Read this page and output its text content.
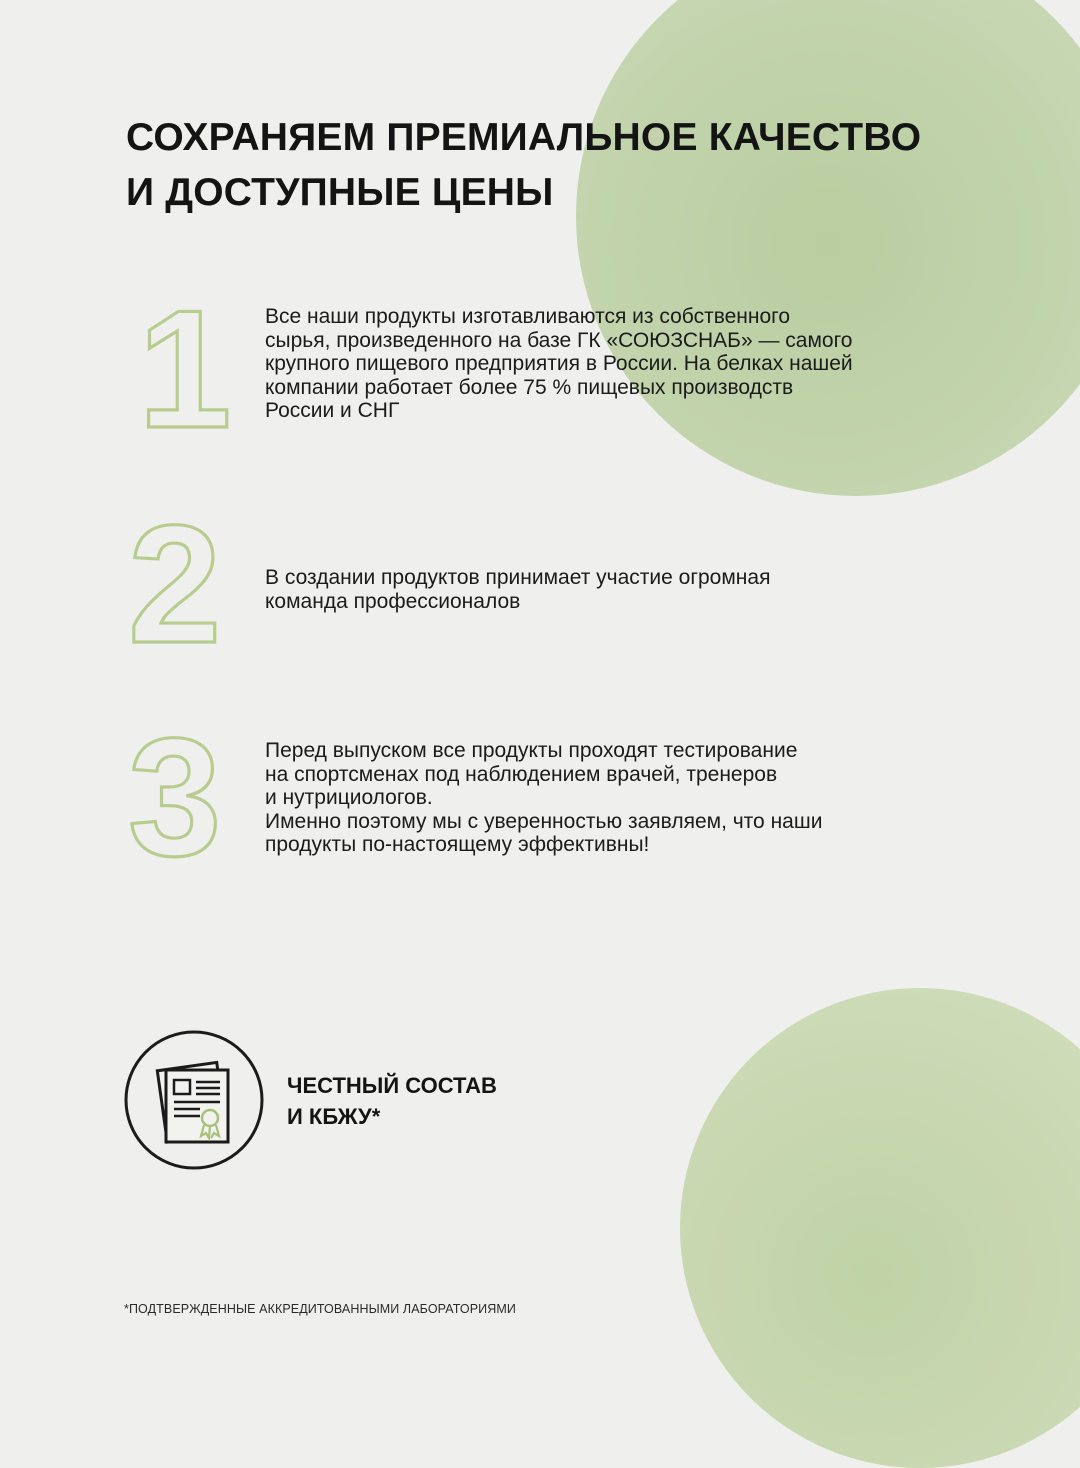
СОХРАНЯЕМ ПРЕМИАЛЬНОЕ КАЧЕСТВО
И ДОСТУПНЫЕ ЦЕНЫ
1 Все наши продукты изготавливаются из собственного
сырья, произведенного на базе ГК «СОЮЗСНАБ» — самого
крупного пищевого предприятия в России. На белках нашей
компании работает более 75 % пищевых производств
России и СНГ

2 В создании продуктов принимает участие огромная
команда профессионалов

3 Перед выпуском все продукты проходят тестирование
на спортсменах под наблюдением врачей, тренеров
и нутрициологов.
Именно поэтому мы с уверенностью заявляем, что наши
продукты по-настоящему эффективны!

ЧЕСТНЫЙ СОСТАВ
И КБЖУ*

*ПОДТВЕРЖДЕННЫЕ АККРЕДИТОВАННЫМИ ЛАБОРАТОРИЯМИ
